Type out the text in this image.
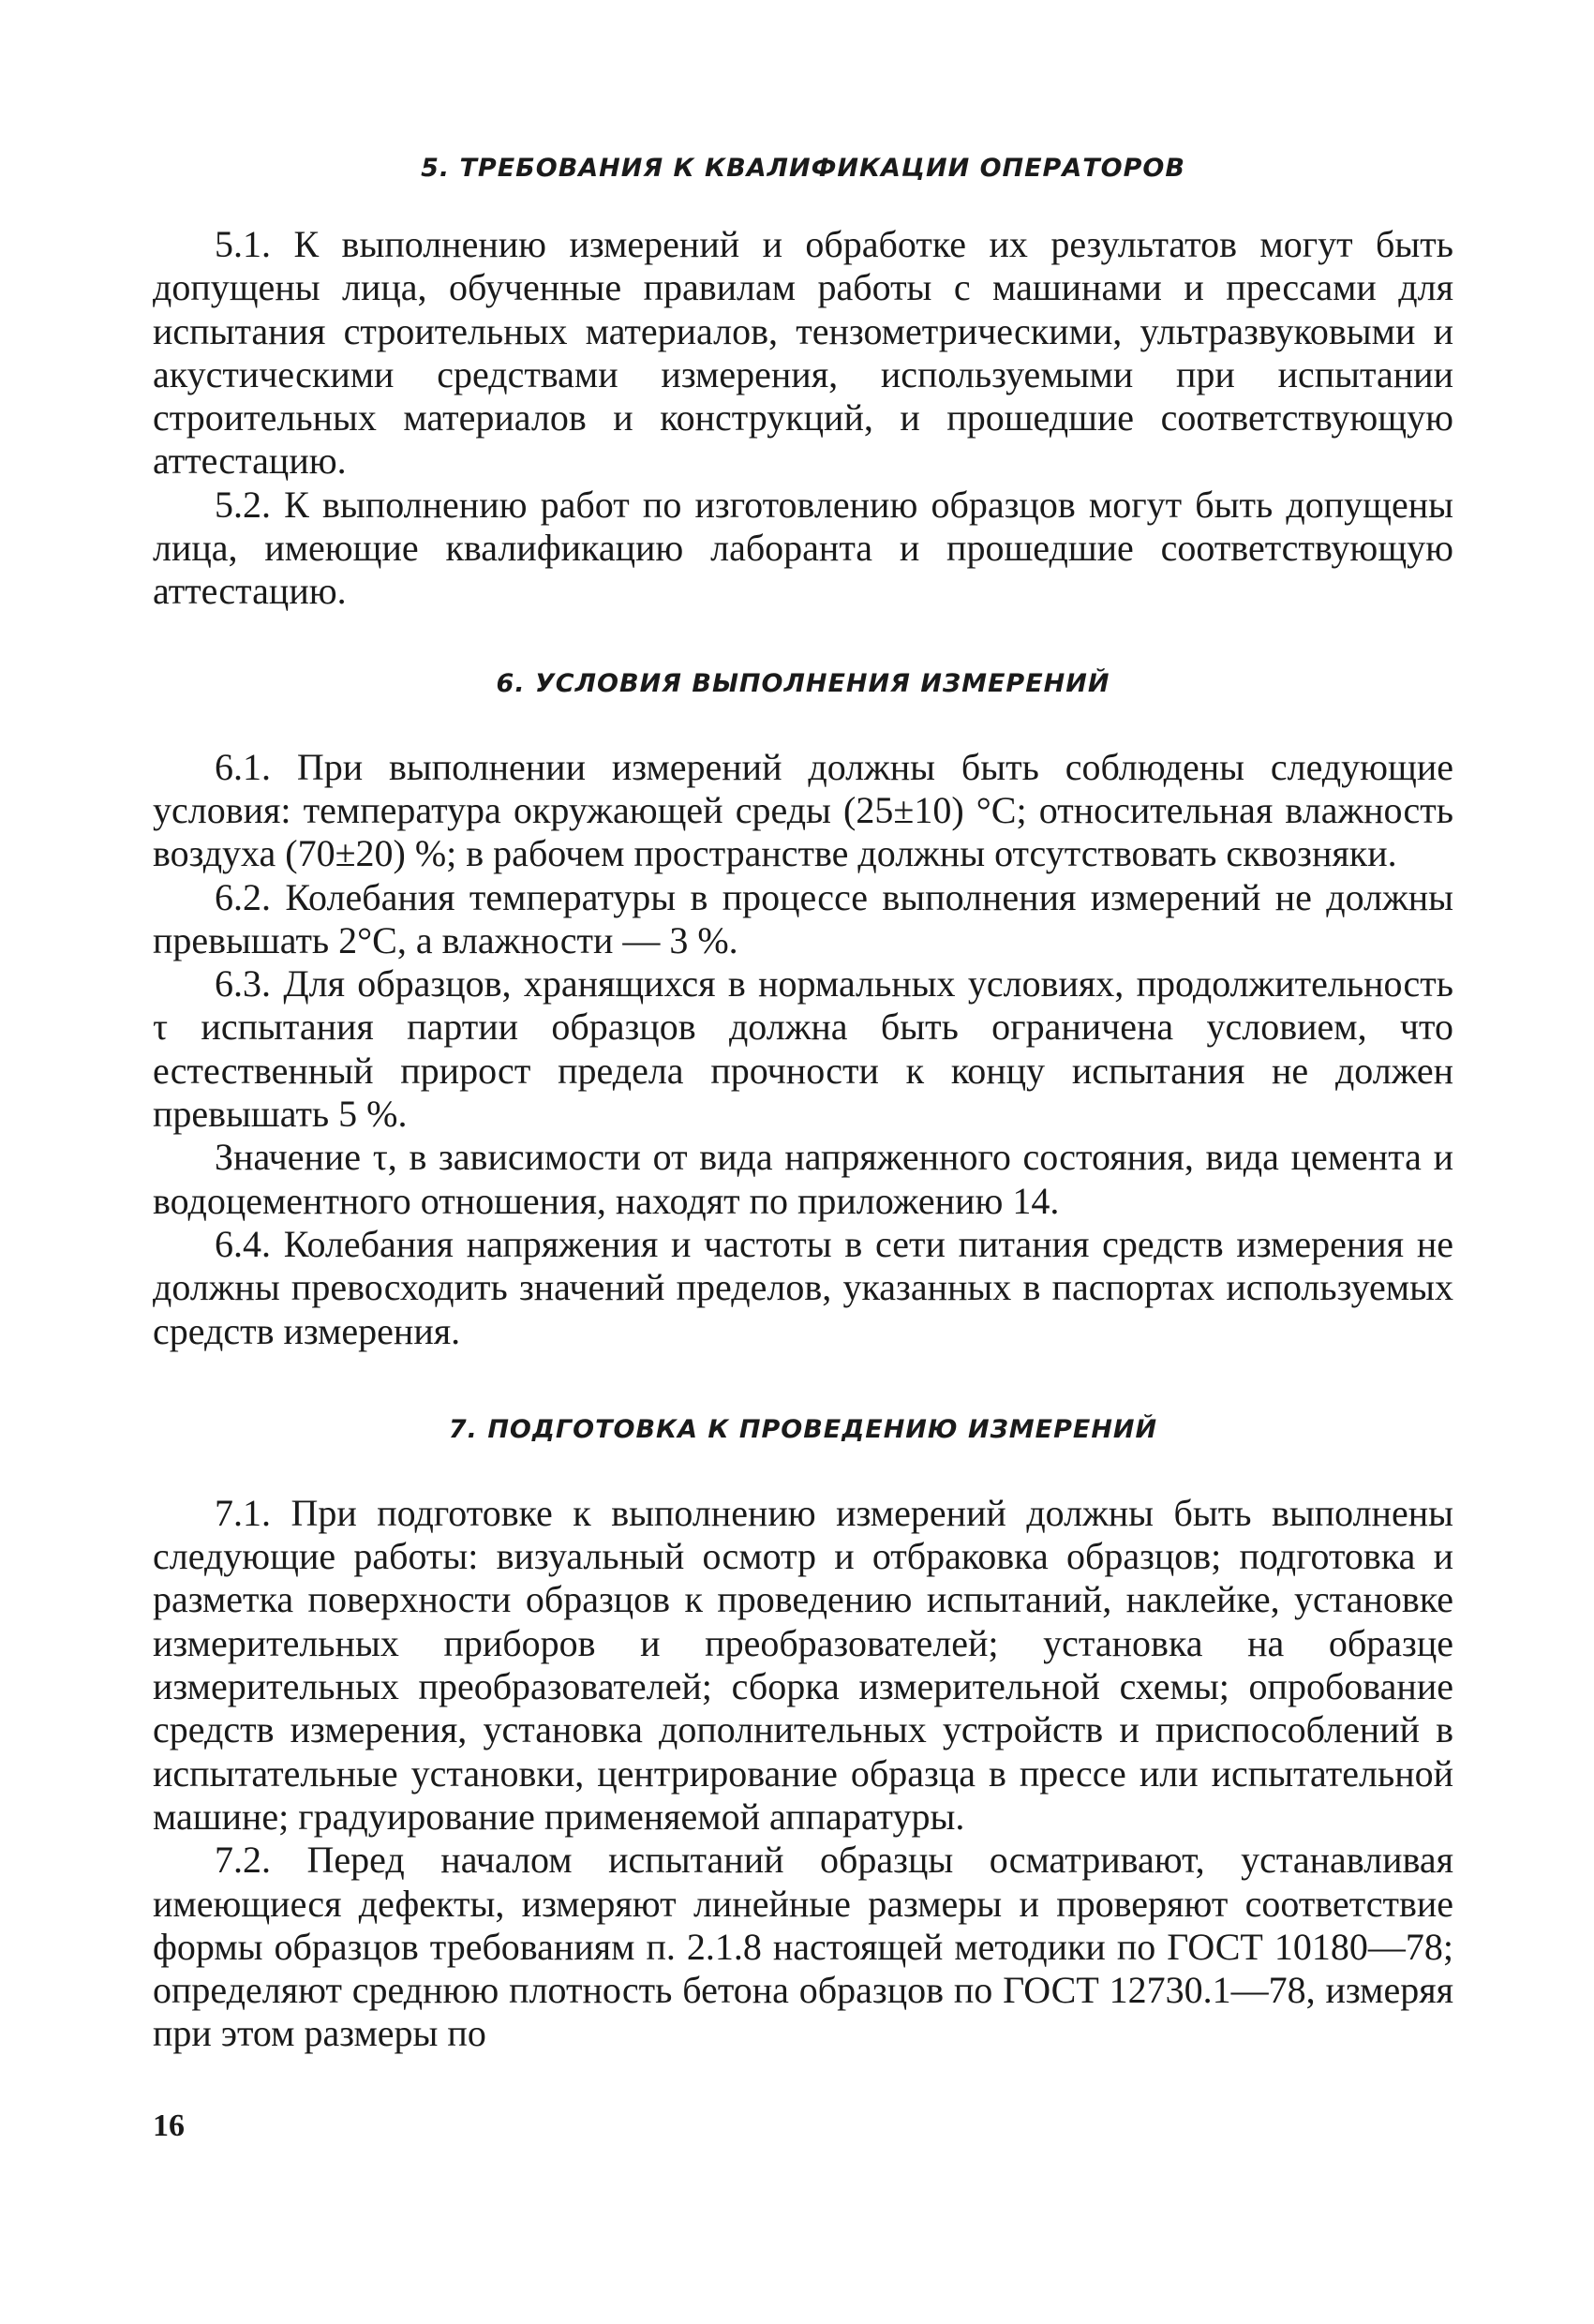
5. ТРЕБОВАНИЯ К КВАЛИФИКАЦИИ ОПЕРАТОРОВ

5.1. К выполнению измерений и обработке их результатов могут быть допущены лица, обученные правилам работы с машинами и прессами для испытания строительных материалов, тензометрическими, ультразвуковыми и акустическими средствами измерения, используемыми при испытании строительных материалов и конструкций, и прошедшие соответствующую аттестацию.

5.2. К выполнению работ по изготовлению образцов могут быть допущены лица, имеющие квалификацию лаборанта и прошедшие соответствующую аттестацию.

6. УСЛОВИЯ ВЫПОЛНЕНИЯ ИЗМЕРЕНИЙ

6.1. При выполнении измерений должны быть соблюдены следующие условия: температура окружающей среды (25±10) °С; относительная влажность воздуха (70±20) %; в рабочем пространстве должны отсутствовать сквозняки.

6.2. Колебания температуры в процессе выполнения измерений не должны превышать 2°С, а влажности — 3 %.

6.3. Для образцов, хранящихся в нормальных условиях, продолжительность τ испытания партии образцов должна быть ограничена условием, что естественный прирост предела прочности к концу испытания не должен превышать 5 %.

Значение τ, в зависимости от вида напряженного состояния, вида цемента и водоцементного отношения, находят по приложению 14.

6.4. Колебания напряжения и частоты в сети питания средств измерения не должны превосходить значений пределов, указанных в паспортах используемых средств измерения.

7. ПОДГОТОВКА К ПРОВЕДЕНИЮ ИЗМЕРЕНИЙ

7.1. При подготовке к выполнению измерений должны быть выполнены следующие работы: визуальный осмотр и отбраковка образцов; подготовка и разметка поверхности образцов к проведению испытаний, наклейке, установке измерительных приборов и преобразователей; установка на образце измерительных преобразователей; сборка измерительной схемы; опробование средств измерения, установка дополнительных устройств и приспособлений в испытательные установки, центрирование образца в прессе или испытательной машине; градуирование применяемой аппаратуры.

7.2. Перед началом испытаний образцы осматривают, устанавливая имеющиеся дефекты, измеряют линейные размеры и проверяют соответствие формы образцов требованиям п. 2.1.8 настоящей методики по ГОСТ 10180—78; определяют среднюю плотность бетона образцов по ГОСТ 12730.1—78, измеряя при этом размеры по

16
